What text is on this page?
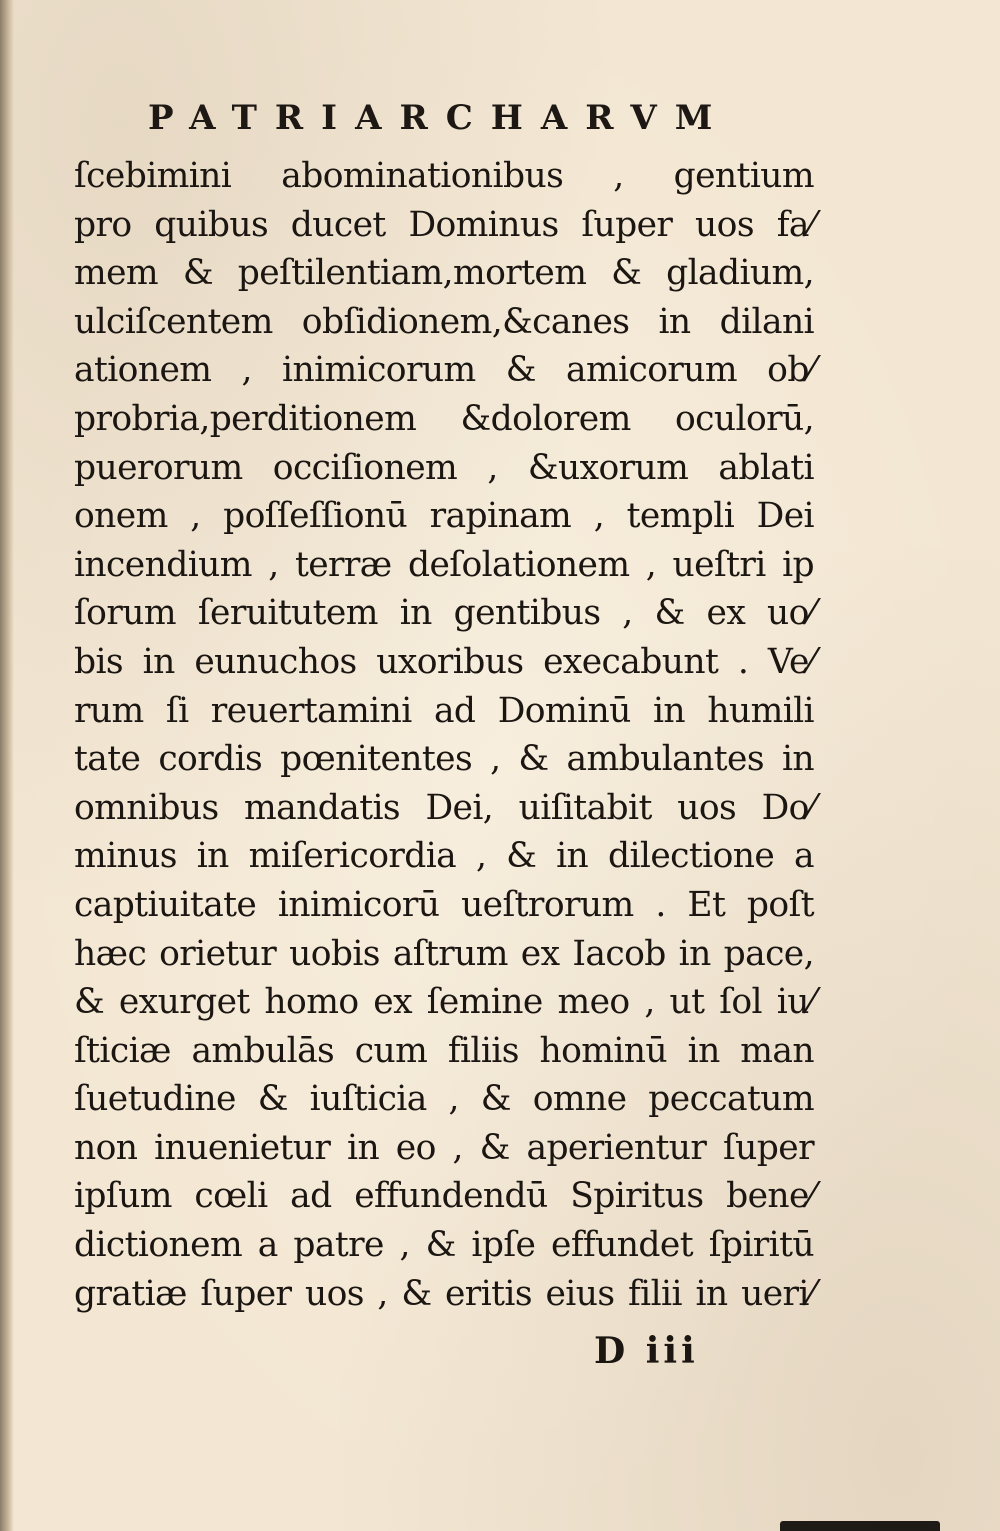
PATRIARCHARVM
ſcebimini abominationibus , gentium
pro quibus ducet Dominus ſuper uos fa⁄
mem & peſtilentiam,mortem & gladium,
ulciſcentem obſidionem,&canes in dilani
ationem , inimicorum & amicorum ob⁄
probria,perditionem &dolorem oculorū,
puerorum occiſionem , &uxorum ablati
onem , poſſeſſionū rapinam , templi Dei
incendium , terræ deſolationem , ueſtri ip
ſorum ſeruitutem in gentibus , & ex uo⁄
bis in eunuchos uxoribus execabunt . Ve⁄
rum ſi reuertamini ad Dominū in humili
tate cordis pœnitentes , & ambulantes in
omnibus mandatis Dei, uiſitabit uos Do⁄
minus in miſericordia , & in dilectione a
captiuitate inimicorū ueſtrorum . Et poſt
hæc orietur uobis aſtrum ex Iacob in pace,
& exurget homo ex ſemine meo , ut ſol iu⁄
ſticiæ ambulās cum filiis hominū in man
ſuetudine & iuſticia , & omne peccatum
non inuenietur in eo , & aperientur ſuper
ipſum cœli ad effundendū Spiritus bene⁄
dictionem a patre , & ipſe effundet ſpiritū
gratiæ ſuper uos , & eritis eius filii in ueri⁄
D iii
